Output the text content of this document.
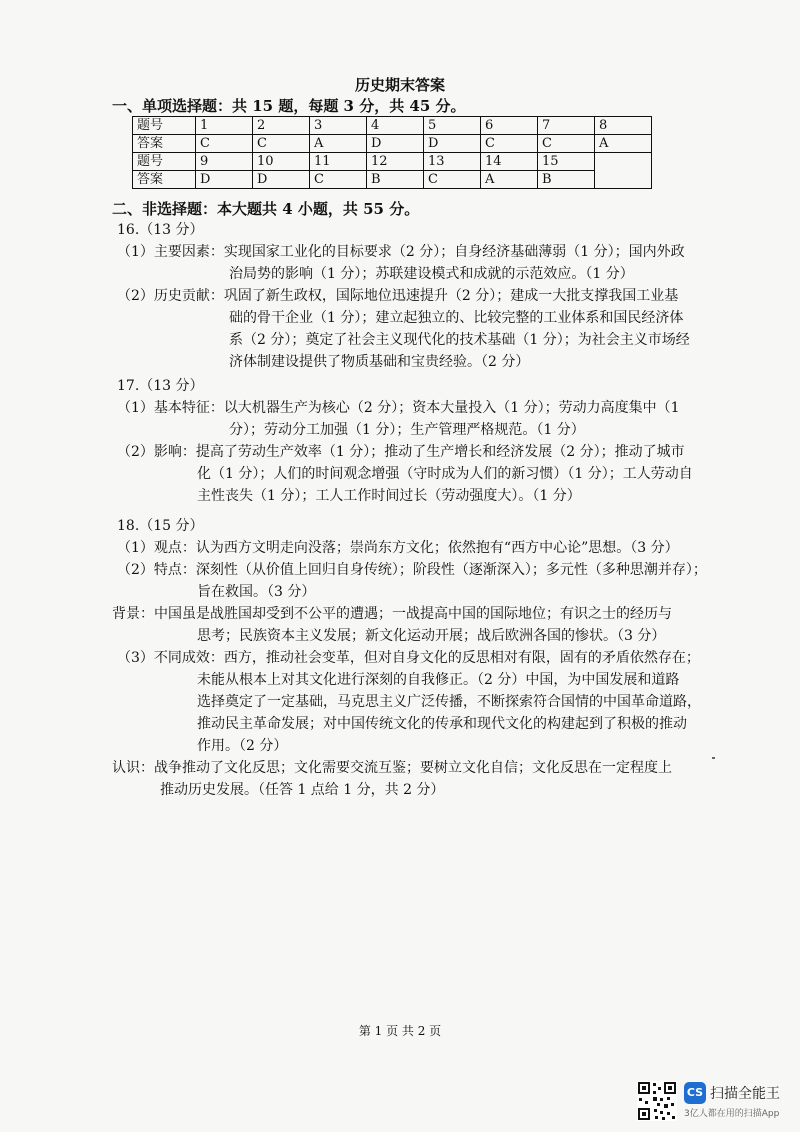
历史期末答案
一、单项选择题：共 15 题，每题 3 分，共 45 分。
题号	1	2	3	4	5	6	7	8
答案	C	C	A	D	D	C	C	A
题号	9	10	11	12	13	14	15	
答案	D	D	C	B	C	A	B	
二、非选择题：本大题共 4 小题，共 55 分。
16.（13 分）
（1）主要因素：实现国家工业化的目标要求（2 分）；自身经济基础薄弱（1 分）；国内外政
治局势的影响（1 分）；苏联建设模式和成就的示范效应。（1 分）
（2）历史贡献：巩固了新生政权，国际地位迅速提升（2 分）；建成一大批支撑我国工业基
础的骨干企业（1 分）；建立起独立的、比较完整的工业体系和国民经济体
系（2 分）；奠定了社会主义现代化的技术基础（1 分）；为社会主义市场经
济体制建设提供了物质基础和宝贵经验。（2 分）
17.（13 分）
（1）基本特征：以大机器生产为核心（2 分）；资本大量投入（1 分）；劳动力高度集中（1
分）；劳动分工加强（1 分）；生产管理严格规范。（1 分）
（2）影响：提高了劳动生产效率（1 分）；推动了生产增长和经济发展（2 分）；推动了城市
化（1 分）；人们的时间观念增强（守时成为人们的新习惯）（1 分）；工人劳动自
主性丧失（1 分）；工人工作时间过长（劳动强度大）。（1 分）
18.（15 分）
（1）观点：认为西方文明走向没落；崇尚东方文化；依然抱有“西方中心论”思想。（3 分）
（2）特点：深刻性（从价值上回归自身传统）；阶段性（逐渐深入）；多元性（多种思潮并存）；
旨在救国。（3 分）
背景：中国虽是战胜国却受到不公平的遭遇；一战提高中国的国际地位；有识之士的经历与
思考；民族资本主义发展；新文化运动开展；战后欧洲各国的惨状。（3 分）
（3）不同成效：西方，推动社会变革，但对自身文化的反思相对有限，固有的矛盾依然存在；
未能从根本上对其文化进行深刻的自我修正。（2 分）中国，为中国发展和道路
选择奠定了一定基础，马克思主义广泛传播，不断探索符合国情的中国革命道路，
推动民主革命发展；对中国传统文化的传承和现代文化的构建起到了积极的推动
作用。（2 分）
认识：战争推动了文化反思；文化需要交流互鉴；要树立文化自信；文化反思在一定程度上
推动历史发展。（任答 1 点给 1 分，共 2 分）
第 1 页 共 2 页
CS 扫描全能王
3亿人都在用的扫描App
